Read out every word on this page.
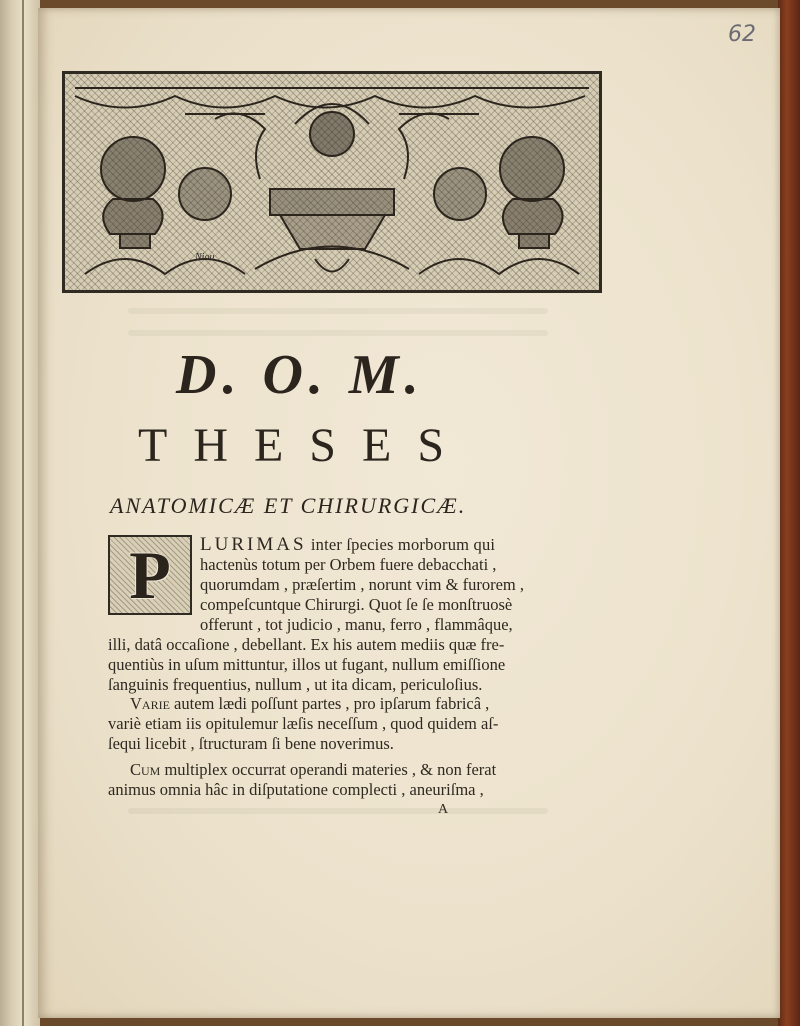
62
Niou
D. O. M.
THESES
ANATOMICÆ ET CHIRURGICÆ.
P LURIMAS inter ſpecies morborum qui
hactenùs totum per Orbem fuere debacchati ,
quorumdam , præſertim , norunt vim & furorem ,
compeſcuntque Chirurgi. Quot ſe ſe monſtruosè
offerunt , tot judicio , manu, ferro , flammâque,
illi, datâ occaſione , debellant. Ex his autem mediis quæ fre-
quentiùs in uſum mittuntur, illos ut fugant, nullum emiſſione
ſanguinis frequentius, nullum , ut ita dicam, periculoſius.
Varie autem lædi poſſunt partes , pro ipſarum fabricâ ,
variè etiam iis opitulemur læſis neceſſum , quod quidem aſ-
ſequi licebit , ſtructuram ſi bene noverimus.
Cum multiplex occurrat operandi materies , & non ferat
animus omnia hâc in diſputatione complecti , aneuriſma ,
A
